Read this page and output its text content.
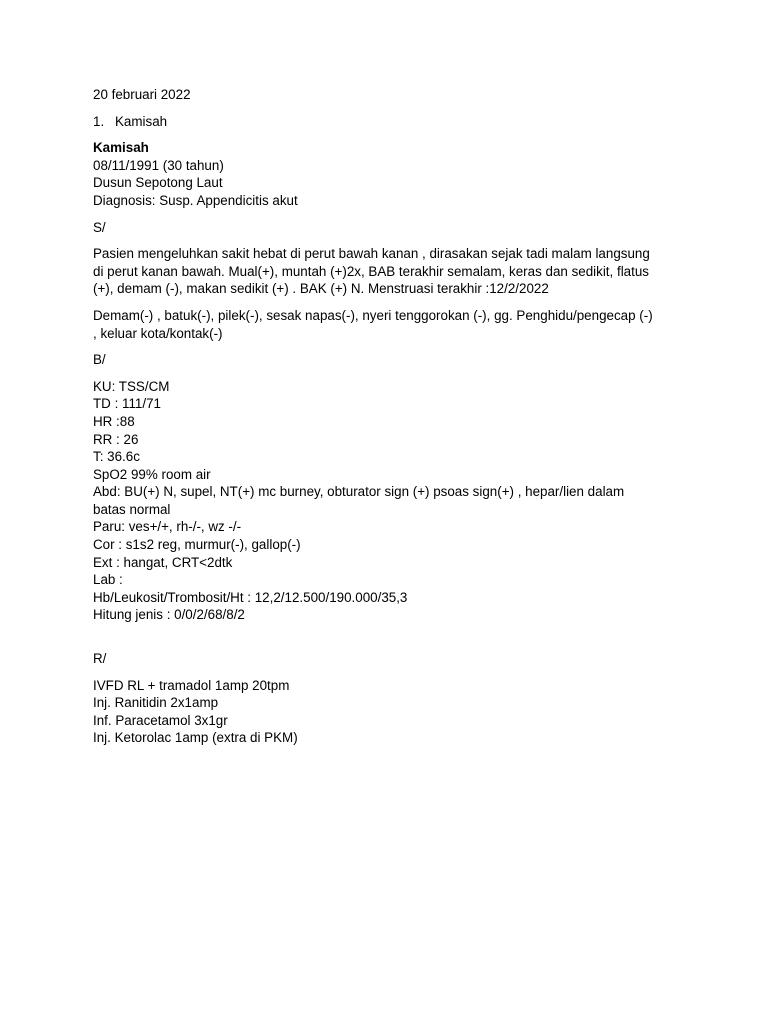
20 februari 2022
1. Kamisah
Kamisah
08/11/1991 (30 tahun)
Dusun Sepotong Laut
Diagnosis: Susp. Appendicitis akut
S/
Pasien mengeluhkan sakit hebat di perut bawah kanan , dirasakan sejak tadi malam langsung di perut kanan bawah. Mual(+), muntah (+)2x, BAB terakhir semalam, keras dan sedikit, flatus (+), demam (-), makan sedikit (+) . BAK (+) N. Menstruasi terakhir :12/2/2022
Demam(-) , batuk(-), pilek(-), sesak napas(-), nyeri tenggorokan (-), gg. Penghidu/pengecap (-) , keluar kota/kontak(-)
B/
KU: TSS/CM
TD : 111/71
HR :88
RR : 26
T: 36.6c
SpO2 99% room air
Abd: BU(+) N, supel, NT(+) mc burney, obturator sign (+) psoas sign(+) , hepar/lien dalam batas normal
Paru: ves+/+, rh-/-, wz -/-
Cor : s1s2 reg, murmur(-), gallop(-)
Ext : hangat, CRT<2dtk
Lab :
Hb/Leukosit/Trombosit/Ht : 12,2/12.500/190.000/35,3
Hitung jenis : 0/0/2/68/8/2
R/
IVFD RL + tramadol 1amp 20tpm
Inj. Ranitidin 2x1amp
Inf. Paracetamol 3x1gr
Inj. Ketorolac 1amp (extra di PKM)
